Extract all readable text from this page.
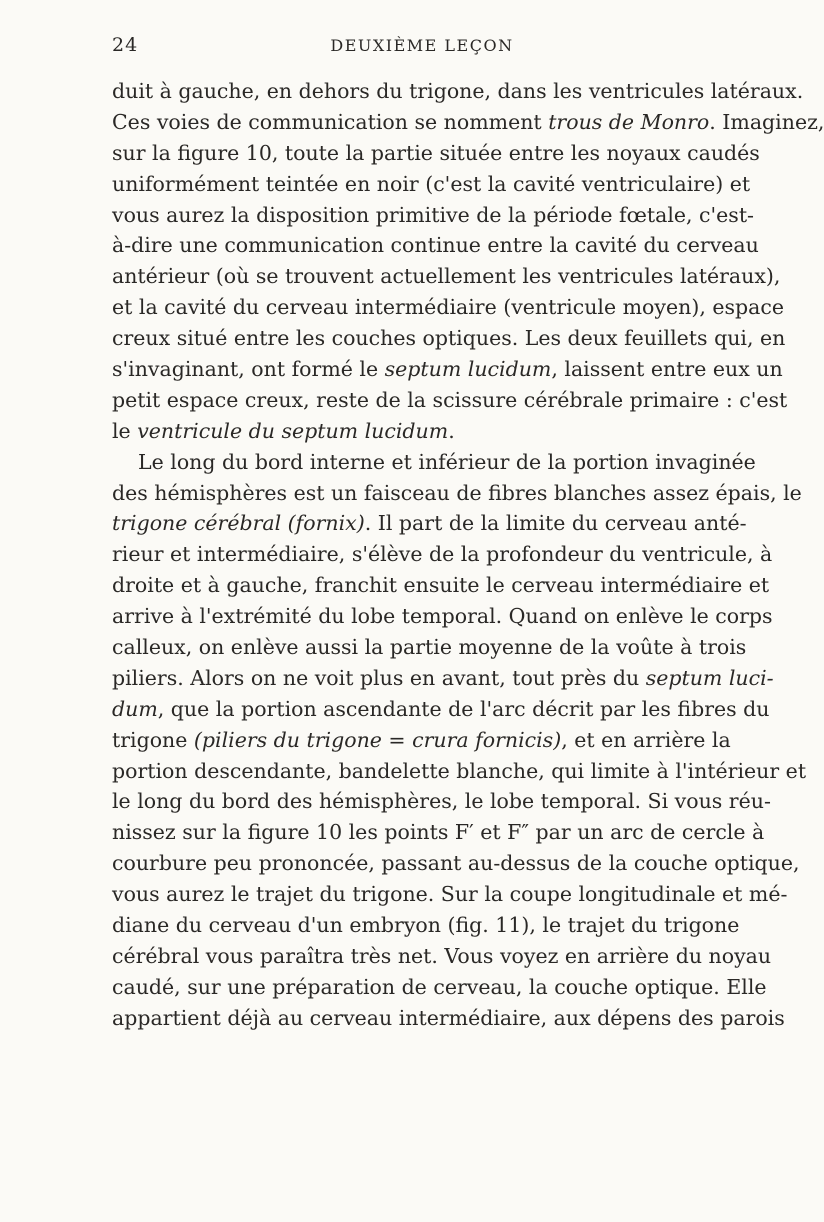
24	DEUXIÈME LEÇON
duit à gauche, en dehors du trigone, dans les ventricules latéraux.
Ces voies de communication se nomment trous de Monro. Imaginez,
sur la figure 10, toute la partie située entre les noyaux caudés
uniformément teintée en noir (c'est la cavité ventriculaire) et
vous aurez la disposition primitive de la période fœtale, c'est-
à-dire une communication continue entre la cavité du cerveau
antérieur (où se trouvent actuellement les ventricules latéraux),
et la cavité du cerveau intermédiaire (ventricule moyen), espace
creux situé entre les couches optiques. Les deux feuillets qui, en
s'invaginant, ont formé le septum lucidum, laissent entre eux un
petit espace creux, reste de la scissure cérébrale primaire : c'est
le ventricule du septum lucidum.
Le long du bord interne et inférieur de la portion invaginée
des hémisphères est un faisceau de fibres blanches assez épais, le
trigone cérébral (fornix). Il part de la limite du cerveau anté-
rieur et intermédiaire, s'élève de la profondeur du ventricule, à
droite et à gauche, franchit ensuite le cerveau intermédiaire et
arrive à l'extrémité du lobe temporal. Quand on enlève le corps
calleux, on enlève aussi la partie moyenne de la voûte à trois
piliers. Alors on ne voit plus en avant, tout près du septum luci-
dum, que la portion ascendante de l'arc décrit par les fibres du
trigone (piliers du trigone = crura fornicis), et en arrière la
portion descendante, bandelette blanche, qui limite à l'intérieur et
le long du bord des hémisphères, le lobe temporal. Si vous réu-
nissez sur la figure 10 les points F′ et F″ par un arc de cercle à
courbure peu prononcée, passant au-dessus de la couche optique,
vous aurez le trajet du trigone. Sur la coupe longitudinale et mé-
diane du cerveau d'un embryon (fig. 11), le trajet du trigone
cérébral vous paraîtra très net. Vous voyez en arrière du noyau
caudé, sur une préparation de cerveau, la couche optique. Elle
appartient déjà au cerveau intermédiaire, aux dépens des parois
